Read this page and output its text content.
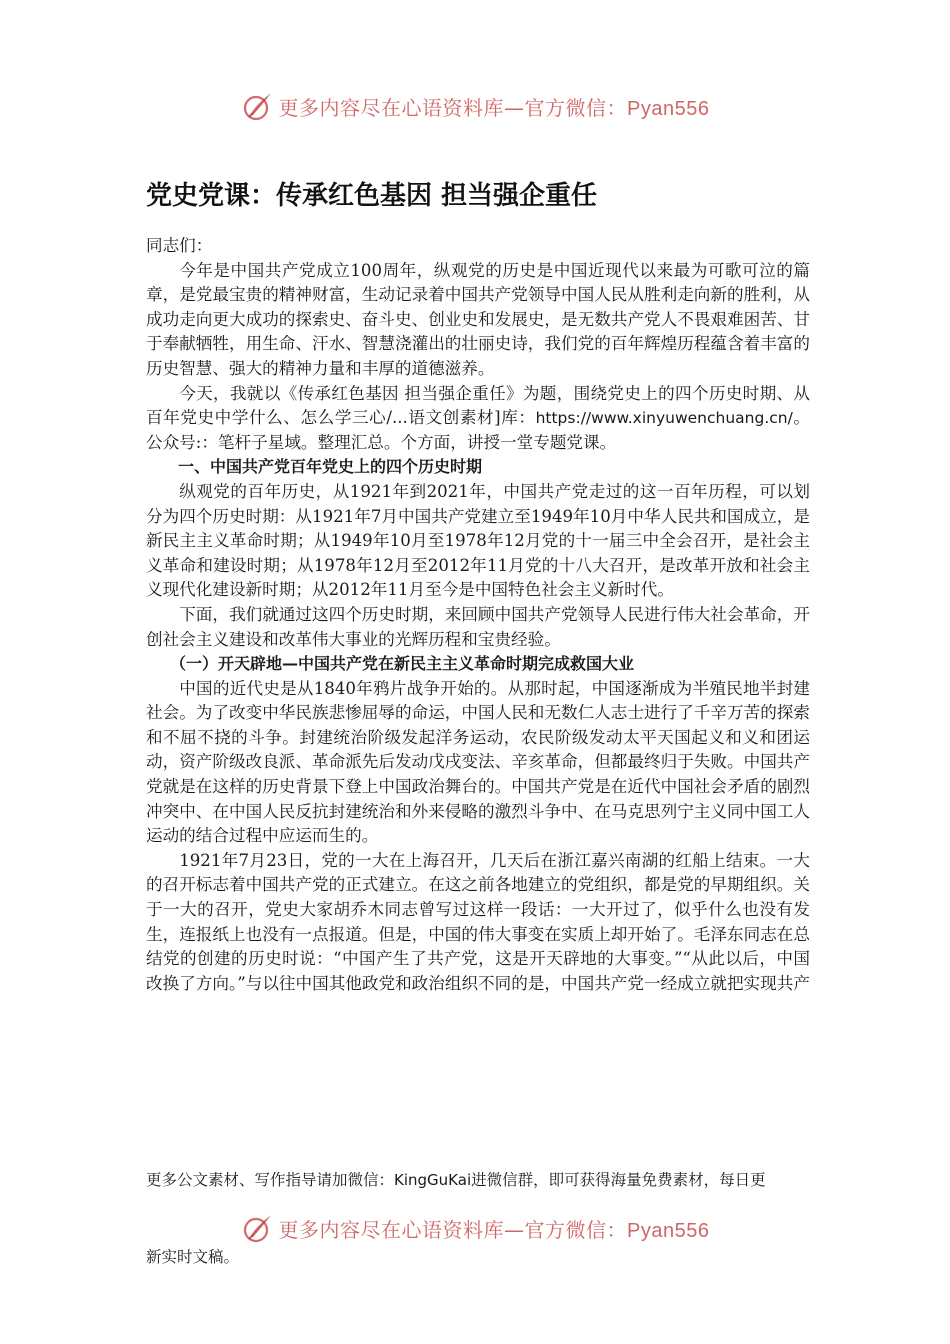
更多内容尽在心语资料库—官方微信：Pyan556
党史党课：传承红色基因 担当强企重任

同志们：

今年是中国共产党成立100周年，纵观党的历史是中国近现代以来最为可歌可泣的篇章，是党最宝贵的精神财富，生动记录着中国共产党领导中国人民从胜利走向新的胜利，从成功走向更大成功的探索史、奋斗史、创业史和发展史，是无数共产党人不畏艰难困苦、甘于奉献牺牲，用生命、汗水、智慧浇灌出的壮丽史诗，我们党的百年辉煌历程蕴含着丰富的历史智慧、强大的精神力量和丰厚的道德滋养。

今天，我就以《传承红色基因 担当强企重任》为题，围绕党史上的四个历史时期、从百年党史中学什么、怎么学三心/...语文创素材]库：https://www.xinyuwenchuang.cn/。公众号:：笔杆子星域。整理汇总。个方面，讲授一堂专题党课。

一、中国共产党百年党史上的四个历史时期

纵观党的百年历史，从1921年到2021年，中国共产党走过的这一百年历程，可以划分为四个历史时期：从1921年7月中国共产党建立至1949年10月中华人民共和国成立，是新民主主义革命时期；从1949年10月至1978年12月党的十一届三中全会召开，是社会主义革命和建设时期；从1978年12月至2012年11月党的十八大召开，是改革开放和社会主义现代化建设新时期；从2012年11月至今是中国特色社会主义新时代。

下面，我们就通过这四个历史时期，来回顾中国共产党领导人民进行伟大社会革命，开创社会主义建设和改革伟大事业的光辉历程和宝贵经验。

（一）开天辟地—中国共产党在新民主主义革命时期完成救国大业

中国的近代史是从1840年鸦片战争开始的。从那时起，中国逐渐成为半殖民地半封建社会。为了改变中华民族悲惨屈辱的命运，中国人民和无数仁人志士进行了千辛万苦的探索和不屈不挠的斗争。封建统治阶级发起洋务运动，农民阶级发动太平天国起义和义和团运动，资产阶级改良派、革命派先后发动戊戌变法、辛亥革命，但都最终归于失败。中国共产党就是在这样的历史背景下登上中国政治舞台的。中国共产党是在近代中国社会矛盾的剧烈冲突中、在中国人民反抗封建统治和外来侵略的激烈斗争中、在马克思列宁主义同中国工人运动的结合过程中应运而生的。

1921年7月23日，党的一大在上海召开，几天后在浙江嘉兴南湖的红船上结束。一大的召开标志着中国共产党的正式建立。在这之前各地建立的党组织，都是党的早期组织。关于一大的召开，党史大家胡乔木同志曾写过这样一段话：一大开过了，似乎什么也没有发生，连报纸上也没有一点报道。但是，中国的伟大事变在实质上却开始了。毛泽东同志在总结党的创建的历史时说：“中国产生了共产党，这是开天辟地的大事变。”“从此以后，中国改换了方向。”与以往中国其他政党和政治组织不同的是，中国共产党一经成立就把实现共产

更多公文素材、写作指导请加微信：KingGuKai进微信群，即可获得海量免费素材，每日更
更多内容尽在心语资料库—官方微信：Pyan556
新实时文稿。
